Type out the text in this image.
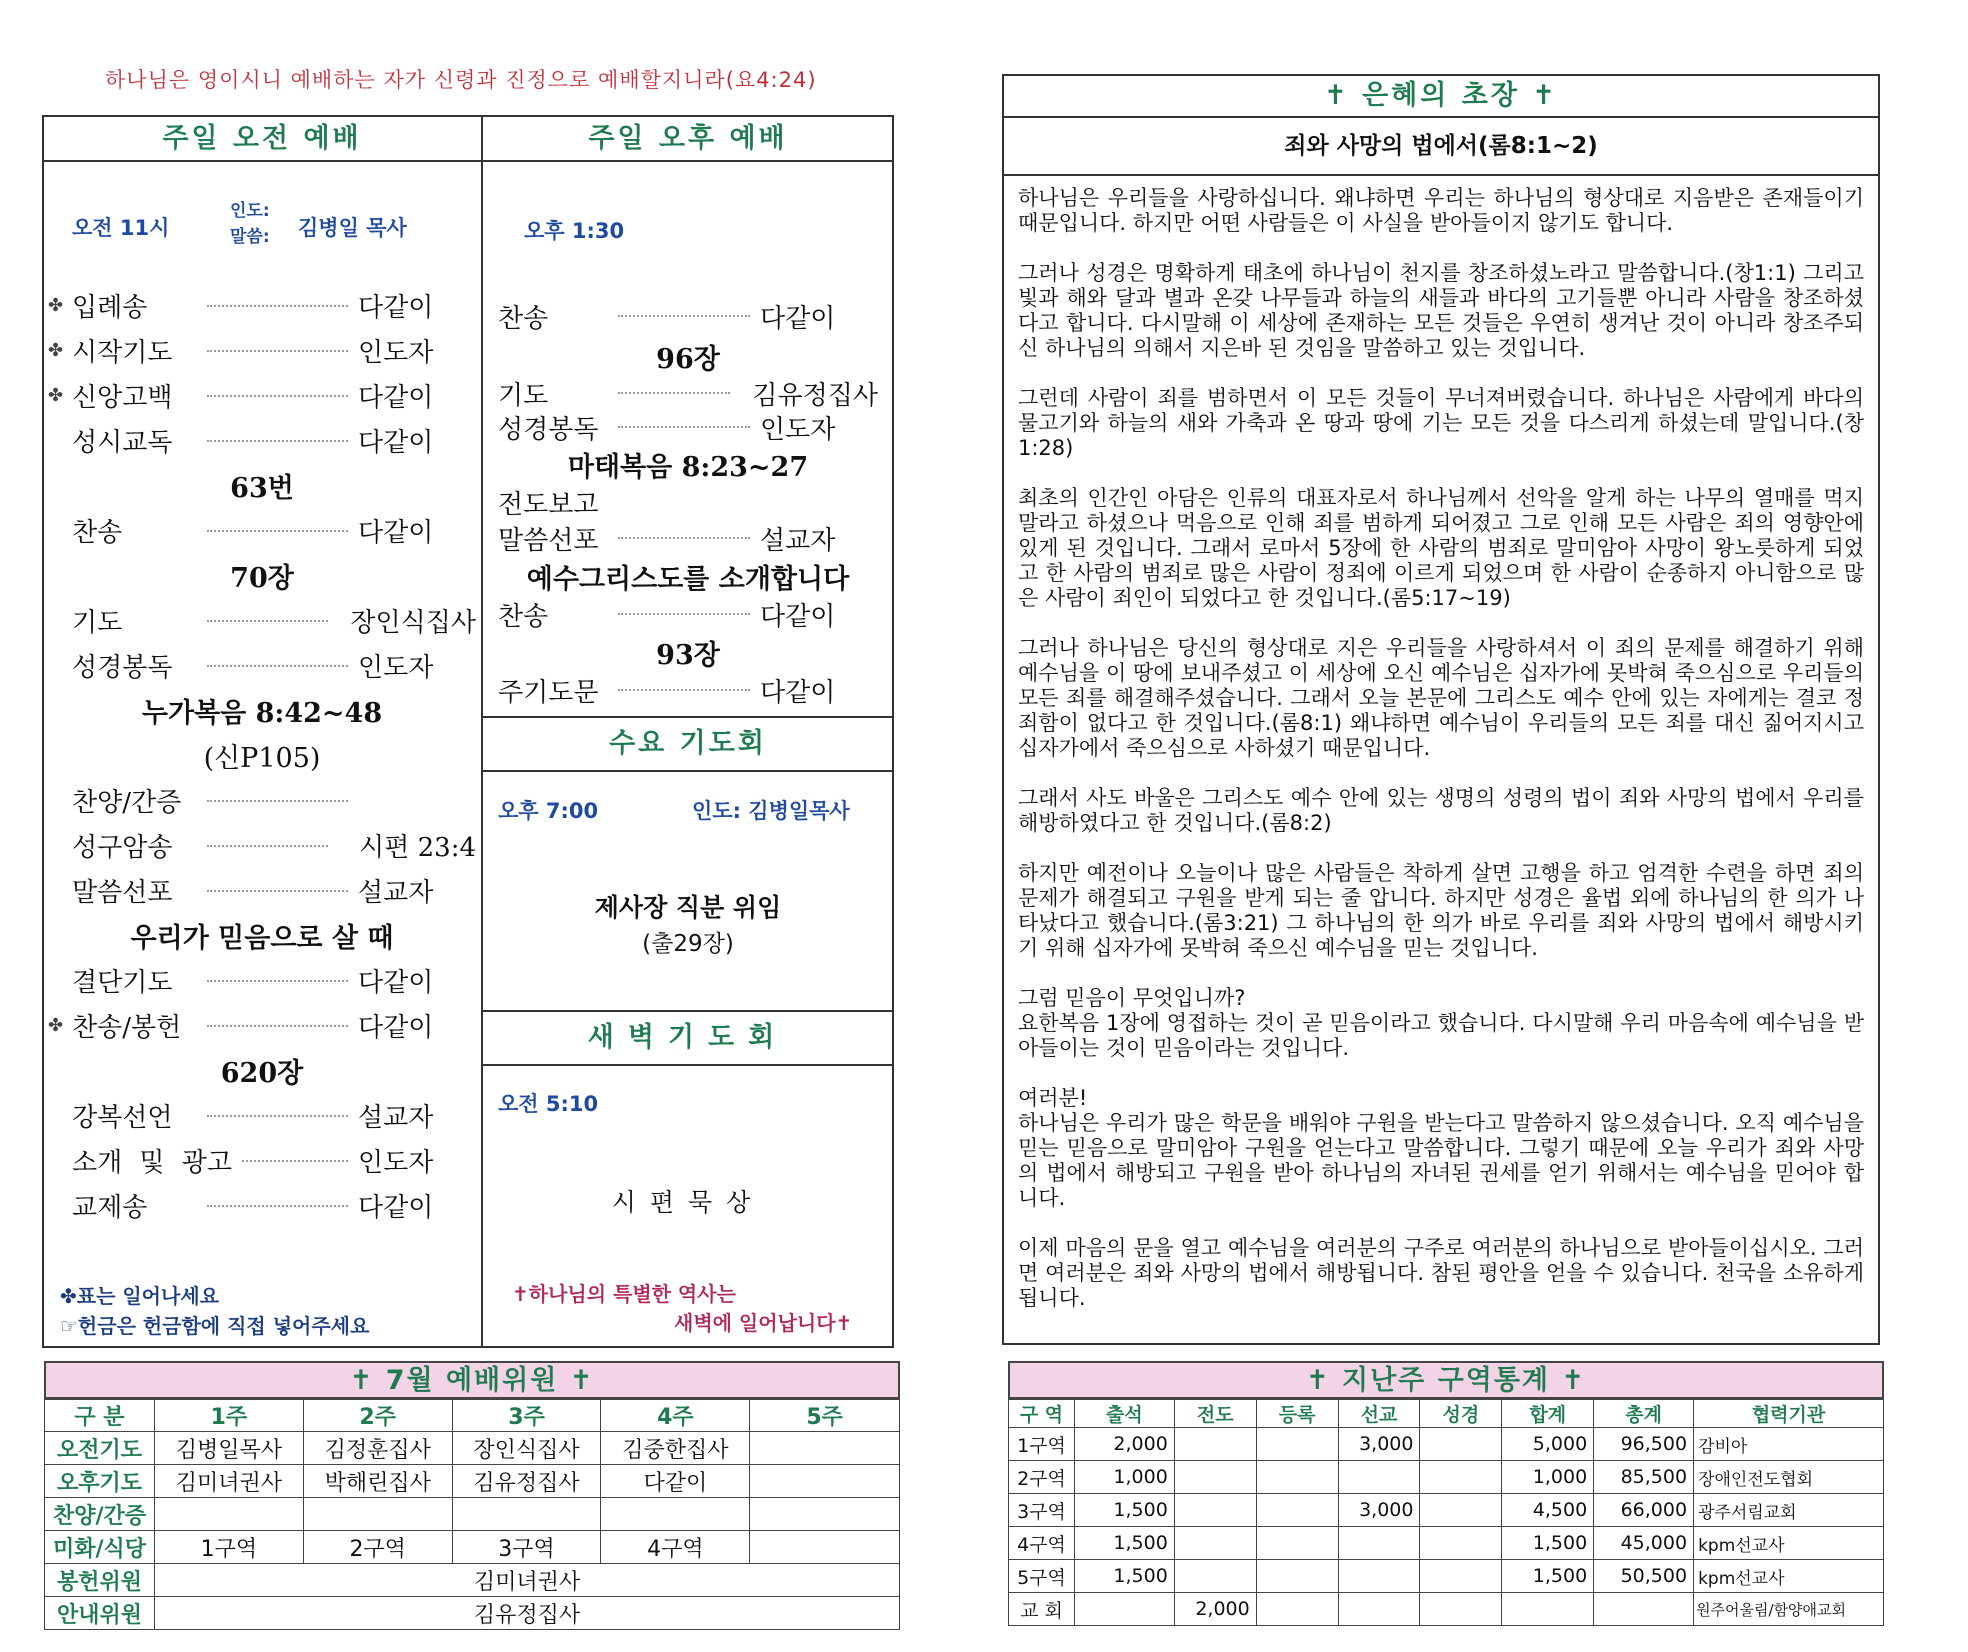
하나님은 영이시니 예배하는 자가 신령과 진정으로 예배할지니라(요4:24)
주일 오전 예배
오전 11시
인도:
말씀: 김병일 목사
✤ 입례송	다같이
✤ 시작기도	인도자
✤ 신앙고백	다같이
성시교독	다같이
63번
찬송	다같이
70장
기도	장인식집사
성경봉독	인도자
누가복음 8:42~48
(신P105)
찬양/간증
성구암송	시편 23:4
말씀선포	설교자
우리가 믿음으로 살 때
결단기도	다같이
✤ 찬송/봉헌	다같이
620장
강복선언	설교자
소개 및 광고	인도자
교제송	다같이
✤표는 일어나세요
☞헌금은 헌금함에 직접 넣어주세요
주일 오후 예배
오후 1:30
찬송	다같이
96장
기도	김유정집사
성경봉독	인도자
마태복음 8:23~27
전도보고
말씀선포	설교자
예수그리스도를 소개합니다
찬송	다같이
93장
주기도문	다같이
수요 기도회
오후 7:00	인도: 김병일목사
제사장 직분 위임
(출29장)
새벽기도회
오전 5:10
시편묵상
✝하나님의 특별한 역사는
새벽에 일어납니다✝
✝ 7월 예배위원 ✝
구 분	1주	2주	3주	4주	5주
오전기도	김병일목사	김정훈집사	장인식집사	김중한집사	
오후기도	김미녀권사	박해린집사	김유정집사	다같이	
찬양/간증					
미화/식당	1구역	2구역	3구역	4구역	
봉헌위원	김미녀권사				
안내위원	김유정집사				
✝ 은혜의 초장 ✝
죄와 사망의 법에서(롬8:1~2)

하나님은 우리들을 사랑하십니다. 왜냐하면 우리는 하나님의 형상대로 지음받은 존재들이기 때문입니다. 하지만 어떤 사람들은 이 사실을 받아들이지 않기도 합니다.

그러나 성경은 명확하게 태초에 하나님이 천지를 창조하셨노라고 말씀합니다.(창1:1) 그리고 빛과 해와 달과 별과 온갖 나무들과 하늘의 새들과 바다의 고기들뿐 아니라 사람을 창조하셨다고 합니다. 다시말해 이 세상에 존재하는 모든 것들은 우연히 생겨난 것이 아니라 창조주되신 하나님의 의해서 지은바 된 것임을 말씀하고 있는 것입니다.

그런데 사람이 죄를 범하면서 이 모든 것들이 무너져버렸습니다. 하나님은 사람에게 바다의 물고기와 하늘의 새와 가축과 온 땅과 땅에 기는 모든 것을 다스리게 하셨는데 말입니다.(창1:28)

최초의 인간인 아담은 인류의 대표자로서 하나님께서 선악을 알게 하는 나무의 열매를 먹지 말라고 하셨으나 먹음으로 인해 죄를 범하게 되어졌고 그로 인해 모든 사람은 죄의 영향안에 있게 된 것입니다. 그래서 로마서 5장에 한 사람의 범죄로 말미암아 사망이 왕노릇하게 되었고 한 사람의 범죄로 많은 사람이 정죄에 이르게 되었으며 한 사람이 순종하지 아니함으로 많은 사람이 죄인이 되었다고 한 것입니다.(롬5:17~19)

그러나 하나님은 당신의 형상대로 지은 우리들을 사랑하셔서 이 죄의 문제를 해결하기 위해 예수님을 이 땅에 보내주셨고 이 세상에 오신 예수님은 십자가에 못박혀 죽으심으로 우리들의 모든 죄를 해결해주셨습니다. 그래서 오늘 본문에 그리스도 예수 안에 있는 자에게는 결코 정죄함이 없다고 한 것입니다.(롬8:1) 왜냐하면 예수님이 우리들의 모든 죄를 대신 짊어지시고 십자가에서 죽으심으로 사하셨기 때문입니다.

그래서 사도 바울은 그리스도 예수 안에 있는 생명의 성령의 법이 죄와 사망의 법에서 우리를 해방하였다고 한 것입니다.(롬8:2)

하지만 예전이나 오늘이나 많은 사람들은 착하게 살면 고행을 하고 엄격한 수련을 하면 죄의 문제가 해결되고 구원을 받게 되는 줄 압니다. 하지만 성경은 율법 외에 하나님의 한 의가 나타났다고 했습니다.(롬3:21) 그 하나님의 한 의가 바로 우리를 죄와 사망의 법에서 해방시키기 위해 십자가에 못박혀 죽으신 예수님을 믿는 것입니다.

그럼 믿음이 무엇입니까?
요한복음 1장에 영접하는 것이 곧 믿음이라고 했습니다. 다시말해 우리 마음속에 예수님을 받아들이는 것이 믿음이라는 것입니다.

여러분!
하나님은 우리가 많은 학문을 배워야 구원을 받는다고 말씀하지 않으셨습니다. 오직 예수님을 믿는 믿음으로 말미암아 구원을 얻는다고 말씀합니다. 그렇기 때문에 오늘 우리가 죄와 사망의 법에서 해방되고 구원을 받아 하나님의 자녀된 권세를 얻기 위해서는 예수님을 믿어야 합니다.

이제 마음의 문을 열고 예수님을 여러분의 구주로 여러분의 하나님으로 받아들이십시오. 그러면 여러분은 죄와 사망의 법에서 해방됩니다. 참된 평안을 얻을 수 있습니다. 천국을 소유하게 됩니다.

✝ 지난주 구역통계 ✝
구 역	출석	전도	등록	선교	성경	합계	총계	협력기관
1구역	2,000			3,000		5,000	96,500	감비아
2구역	1,000					1,000	85,500	장애인전도협회
3구역	1,500			3,000		4,500	66,000	광주서림교회
4구역	1,500					1,500	45,000	kpm선교사
5구역	1,500					1,500	50,500	kpm선교사
교 회		2,000						원주어울림/함양애교회
